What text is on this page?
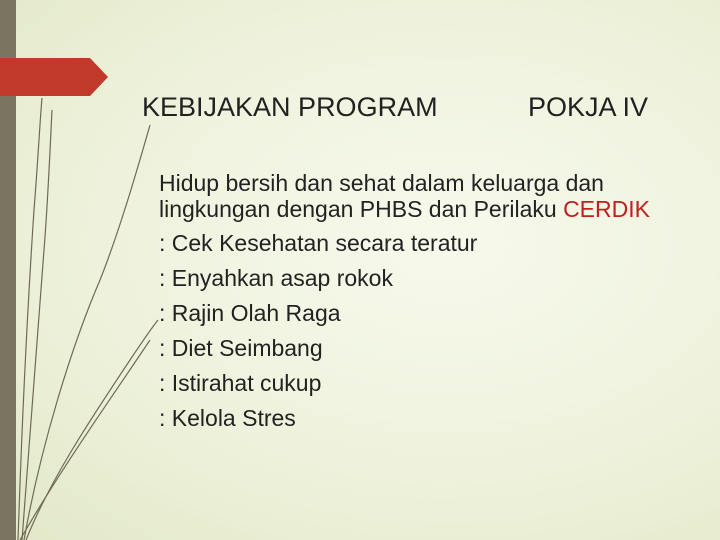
KEBIJAKAN PROGRAM	POKJA IV

Hidup bersih dan sehat dalam keluarga dan lingkungan dengan PHBS dan Perilaku CERDIK

: Cek Kesehatan secara teratur
: Enyahkan asap rokok
: Rajin Olah Raga
: Diet Seimbang
: Istirahat cukup
: Kelola Stres
